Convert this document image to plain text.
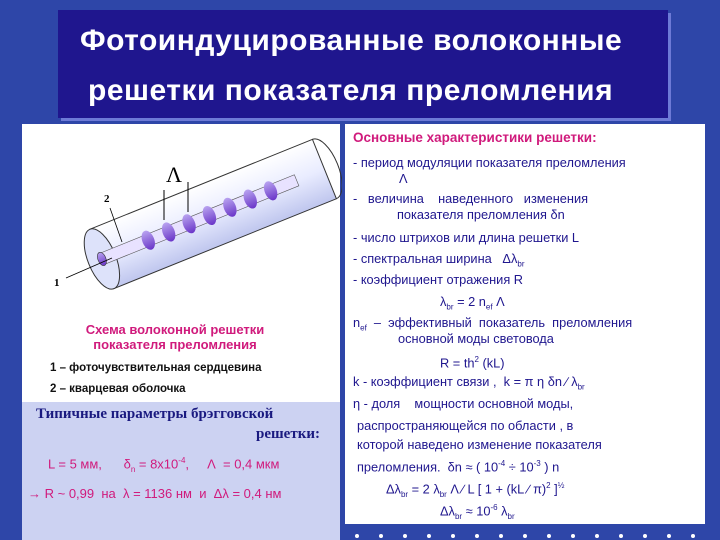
Фотоиндуцированные волоконные
решетки показателя преломления
Λ
2
1
Схема волоконной решетки
показателя преломления
1 – фоточувствительная сердцевина
2 – кварцевая оболочка
Типичные параметры брэгговской
решетки:
L = 5 мм,      $\delta_n = 8x10^{-4}$,     Λ  = 0,4 мкм
→ R ~ 0,99  на  λ = 1136 нм  и  Δλ = 0,4 нм
Основные характеристики решетки:
- период модуляции показателя преломления
Λ
-   величина    наведенного   изменения
показателя преломления δn
- число штрихов или длина решетки L
- спектральная ширина   $\Delta\lambda_{br}$
- коэффициент отражения R
$\lambda_{br} = 2$ $n_{ef}$ Λ
$n_{ef}$  –  эффективный  показатель  преломления
основной моды световода
$R = th^2$ (kL)
k - коэффициент связи ,  k = π η δn ∕ $\lambda_{br}$
η - доля    мощности основной моды,
распространяющейся по области , в
которой наведено изменение показателя
преломления.  δn ≈ ( $10^{-4} \div 10^{-3}$ ) n
$\Delta\lambda_{br} = 2$ $\lambda_{br}$ Λ ∕ L [ 1 + (kL ∕ π)$^2$ ]$^{\frac{1}{2}}$
$\Delta\lambda_{br} \approx 10^{-6}$ $\lambda_{br}$
